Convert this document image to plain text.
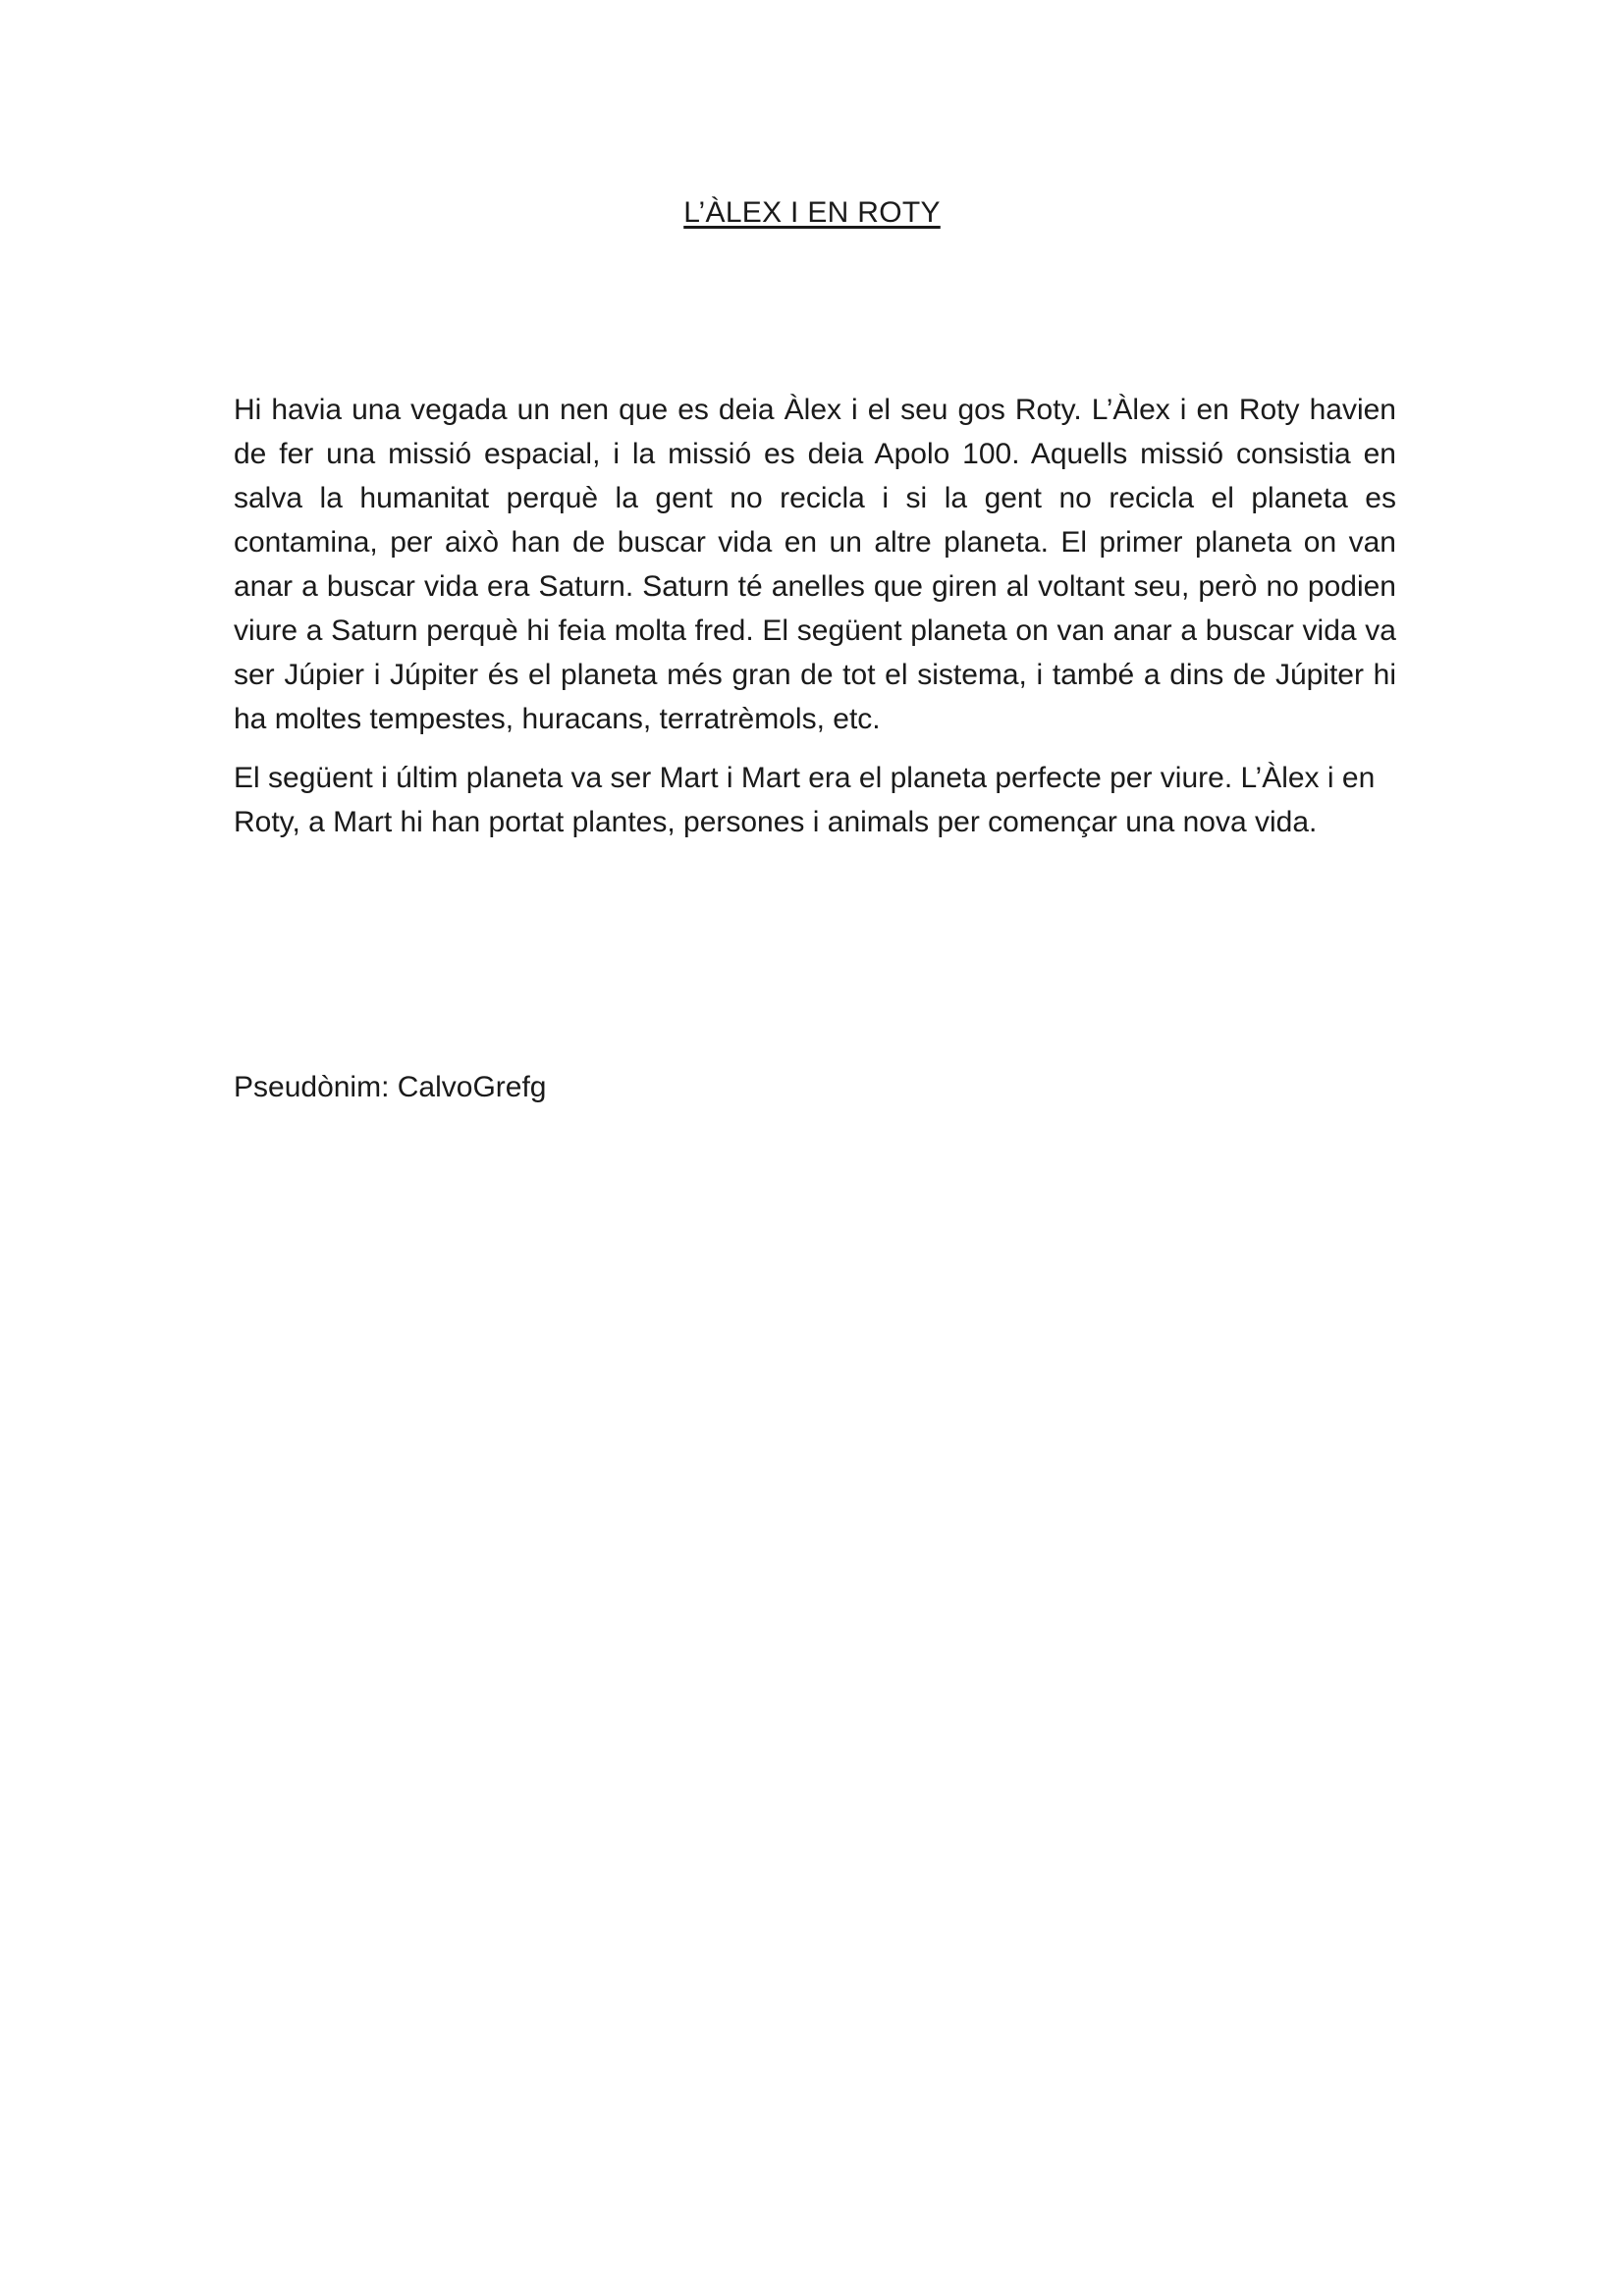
L’ÀLEX I EN ROTY

Hi havia una vegada un nen que es deia Àlex i el seu gos Roty. L’Àlex i en Roty havien de fer una missió espacial, i la missió es deia Apolo 100. Aquells missió consistia en salva la humanitat perquè la gent no recicla i si la gent no recicla el planeta es contamina, per això han de buscar vida en un altre planeta. El primer planeta on van anar a buscar vida era Saturn. Saturn té anelles que giren al voltant seu, però no podien viure a Saturn perquè hi feia molta fred. El següent planeta on van anar a buscar vida va ser Júpier i Júpiter és el planeta més gran de tot el sistema, i també a dins de Júpiter hi ha moltes tempestes, huracans, terratrèmols, etc.

El següent i últim planeta va ser Mart i Mart era el planeta perfecte per viure. L’Àlex i en Roty, a Mart hi han portat plantes, persones i animals per començar una nova vida.

Pseudònim: CalvoGrefg
